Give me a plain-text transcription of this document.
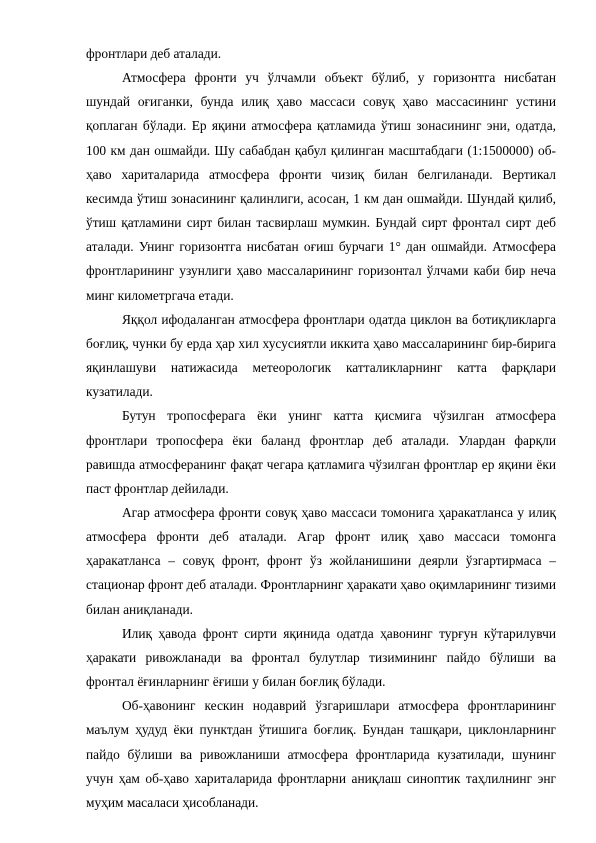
фронтлари деб аталади.

Атмосфера фронти уч ўлчамли объект бўлиб, у горизонтга нисбатан шундай оғиганки, бунда илиқ ҳаво массаси совуқ ҳаво массасининг устини қоплаган бўлади. Ер яқини атмосфера қатламида ўтиш зонасининг эни, одатда, 100 км дан ошмайди. Шу сабабдан қабул қилинган масштабдаги (1:1500000) об-ҳаво хариталарида атмосфера фронти чизиқ билан белгиланади. Вертикал кесимда ўтиш зонасининг қалинлиги, асосан, 1 км дан ошмайди. Шундай қилиб, ўтиш қатламини сирт билан тасвирлаш мумкин. Бундай сирт фронтал сирт деб аталади. Унинг горизонтга нисбатан оғиш бурчаги 1° дан ошмайди. Атмосфера фронтларининг узунлиги ҳаво массаларининг горизонтал ўлчами каби бир неча минг километргача етади.

Яққол ифодаланган атмосфера фронтлари одатда циклон ва ботиқликларга боғлиқ, чунки бу ерда ҳар хил хусусиятли иккита ҳаво массаларининг бир-бирига яқинлашуви натижасида метеорологик катталикларнинг катта фарқлари кузатилади.

Бутун тропосферага ёки унинг катта қисмига чўзилган атмосфера фронтлари тропосфера ёки баланд фронтлар деб аталади. Улардан фарқли равишда атмосферанинг фақат чегара қатламига чўзилган фронтлар ер яқини ёки паст фронтлар дейилади.

Агар атмосфера фронти совуқ ҳаво массаси томонига ҳаракатланса у илиқ атмосфера фронти деб аталади. Агар фронт илиқ ҳаво массаси томонга ҳаракатланса – совуқ фронт, фронт ўз жойланишини деярли ўзгартирмаса – стационар фронт деб аталади. Фронтларнинг ҳаракати ҳаво оқимларининг тизими билан аниқланади.

Илиқ ҳавода фронт сирти яқинида одатда ҳавонинг турғун кўтарилувчи ҳаракати ривожланади ва фронтал булутлар тизимининг пайдо бўлиши ва фронтал ёғинларнинг ёғиши у билан боғлиқ бўлади.

Об-ҳавонинг кескин нодаврий ўзгаришлари атмосфера фронтларининг маълум ҳудуд ёки пунктдан ўтишига боғлиқ. Бундан ташқари, циклонларнинг пайдо бўлиши ва ривожланиши атмосфера фронтларида кузатилади, шунинг учун ҳам об-ҳаво хариталарида фронтларни аниқлаш синоптик таҳлилнинг энг муҳим масаласи ҳисобланади.
